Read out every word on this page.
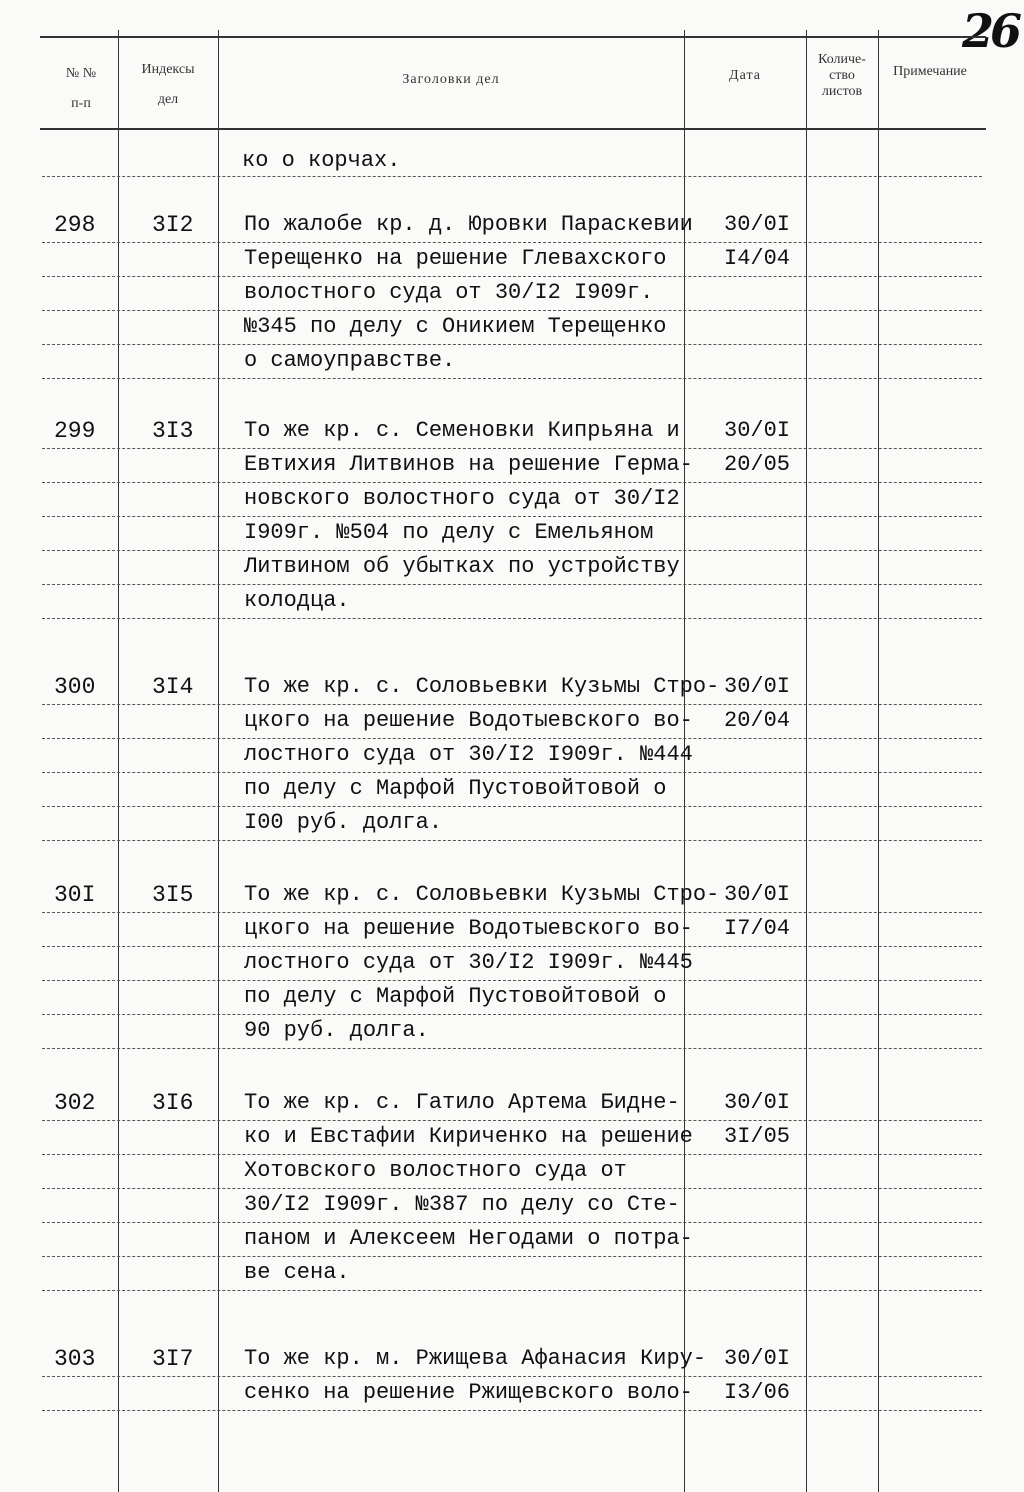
26
№ №
п-п
Индексы
дел
Заголовки дел	Дата
Количе-
ство
листов
Примечание
ко о корчах.
298 3I2 По жалобе кр. д. Юровки Параскевии
Терещенко на решение Глевахского
волостного суда от 30/I2 I909г.
№345 по делу с Оникием Терещенко
о самоуправстве.
30/0I
I4/04
299 3I3 То же кр. с. Семеновки Кипрьяна и
Евтихия Литвинов на решение Герма-
новского волостного суда от 30/I2
I909г. №504 по делу с Емельяном
Литвином об убытках по устройству
колодца.
30/0I
20/05
300 3I4 То же кр. с. Соловьевки Кузьмы Стро-
цкого на решение Водотыевского во-
лостного суда от 30/I2 I909г. №444
по делу с Марфой Пустовойтовой о
I00 руб. долга.
30/0I
20/04
30I 3I5 То же кр. с. Соловьевки Кузьмы Стро-
цкого на решение Водотыевского во-
лостного суда от 30/I2 I909г. №445
по делу с Марфой Пустовойтовой о
90 руб. долга.
30/0I
I7/04
302 3I6 То же кр. с. Гатило Артема Бидне-
ко и Евстафии Кириченко на решение
Хотовского волостного суда от
30/I2 I909г. №387 по делу со Сте-
паном и Алексеем Негодами о потра-
ве сена.
30/0I
3I/05
303 3I7 То же кр. м. Ржищева Афанасия Киру-
сенко на решение Ржищевского воло-
30/0I
I3/06
